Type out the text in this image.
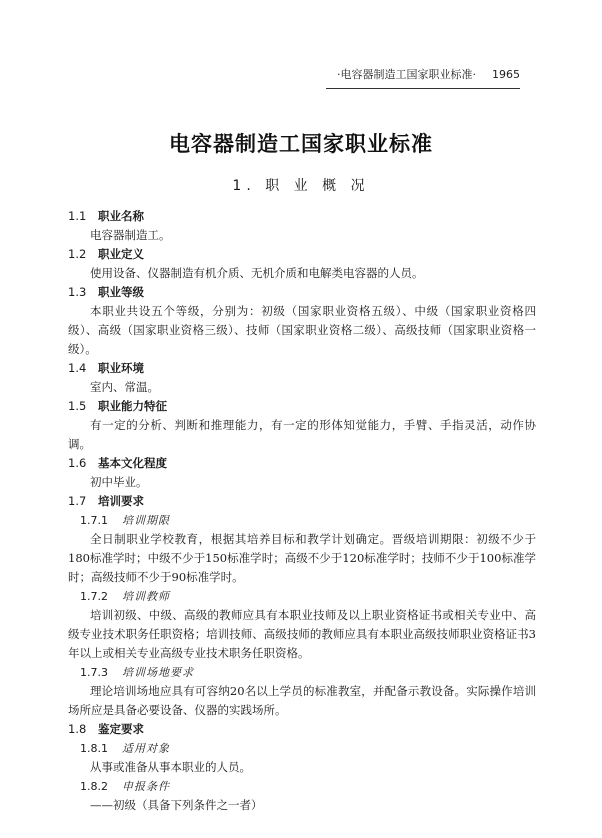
·电容器制造工国家职业标准· 1965
电容器制造工国家职业标准
1. 职 业 概 况
1.1 职业名称
电容器制造工。
1.2 职业定义
使用设备、仪器制造有机介质、无机介质和电解类电容器的人员。
1.3 职业等级
本职业共设五个等级，分别为：初级（国家职业资格五级）、中级（国家职业资格四级）、高级（国家职业资格三级）、技师（国家职业资格二级）、高级技师（国家职业资格一级）。
1.4 职业环境
室内、常温。
1.5 职业能力特征
有一定的分析、判断和推理能力，有一定的形体知觉能力，手臂、手指灵活，动作协调。
1.6 基本文化程度
初中毕业。
1.7 培训要求
1.7.1 培训期限
全日制职业学校教育，根据其培养目标和教学计划确定。晋级培训期限：初级不少于180标准学时；中级不少于150标准学时；高级不少于120标准学时；技师不少于100标准学时；高级技师不少于90标准学时。
1.7.2 培训教师
培训初级、中级、高级的教师应具有本职业技师及以上职业资格证书或相关专业中、高级专业技术职务任职资格；培训技师、高级技师的教师应具有本职业高级技师职业资格证书3年以上或相关专业高级专业技术职务任职资格。
1.7.3 培训场地要求
理论培训场地应具有可容纳20名以上学员的标准教室，并配备示教设备。实际操作培训场所应是具备必要设备、仪器的实践场所。
1.8 鉴定要求
1.8.1 适用对象
从事或准备从事本职业的人员。
1.8.2 申报条件
——初级（具备下列条件之一者）
